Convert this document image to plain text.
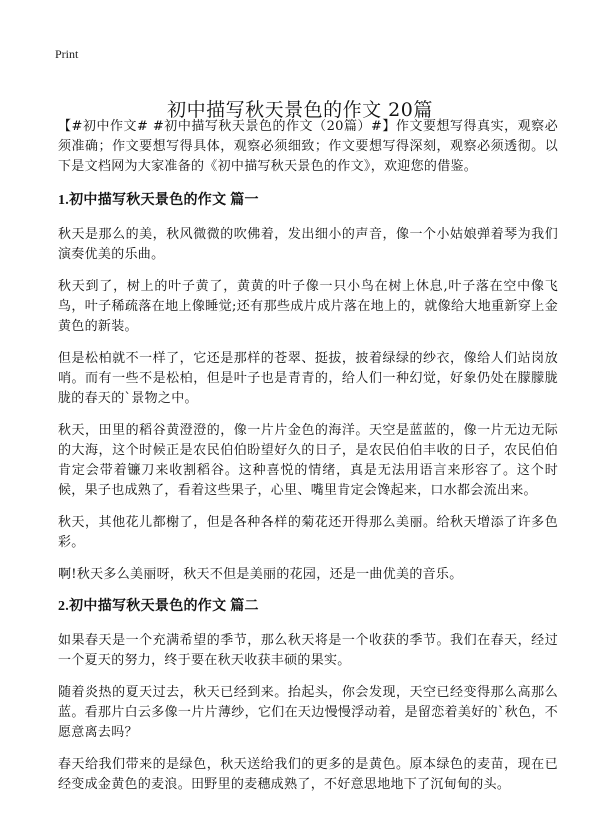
Print
初中描写秋天景色的作文 20篇

【#初中作文# #初中描写秋天景色的作文（20篇）#】作文要想写得真实，观察必须准确；作文要想写得具体，观察必须细致；作文要想写得深刻，观察必须透彻。以下是文档网为大家准备的《初中描写秋天景色的作文》，欢迎您的借鉴。

1.初中描写秋天景色的作文 篇一

秋天是那么的美，秋风微微的吹佛着，发出细小的声音，像一个小姑娘弹着琴为我们演奏优美的乐曲。

秋天到了，树上的叶子黄了，黄黄的叶子像一只小鸟在树上休息,叶子落在空中像飞鸟，叶子稀疏落在地上像睡觉;还有那些成片成片落在地上的，就像给大地重新穿上金黄色的新装。

但是松柏就不一样了，它还是那样的苍翠、挺拔，披着绿绿的纱衣，像给人们站岗放哨。而有一些不是松柏，但是叶子也是青青的，给人们一种幻觉，好象仍处在朦朦胧胧的春天的`景物之中。

秋天，田里的稻谷黄澄澄的，像一片片金色的海洋。天空是蓝蓝的，像一片无边无际的大海，这个时候正是农民伯伯盼望好久的日子，是农民伯伯丰收的日子，农民伯伯肯定会带着镰刀来收割稻谷。这种喜悦的情绪，真是无法用语言来形容了。这个时候，果子也成熟了，看着这些果子，心里、嘴里肯定会馋起来，口水都会流出来。

秋天，其他花儿都榭了，但是各种各样的菊花还开得那么美丽。给秋天增添了许多色彩。

啊!秋天多么美丽呀，秋天不但是美丽的花园，还是一曲优美的音乐。

2.初中描写秋天景色的作文 篇二

如果春天是一个充满希望的季节，那么秋天将是一个收获的季节。我们在春天，经过一个夏天的努力，终于要在秋天收获丰硕的果实。

随着炎热的夏天过去，秋天已经到来。抬起头，你会发现，天空已经变得那么高那么蓝。看那片白云多像一片片薄纱，它们在天边慢慢浮动着，是留恋着美好的`秋色，不愿意离去吗？

春天给我们带来的是绿色，秋天送给我们的更多的是黄色。原本绿色的麦苗，现在已经变成金黄色的麦浪。田野里的麦穗成熟了，不好意思地地下了沉甸甸的头。
